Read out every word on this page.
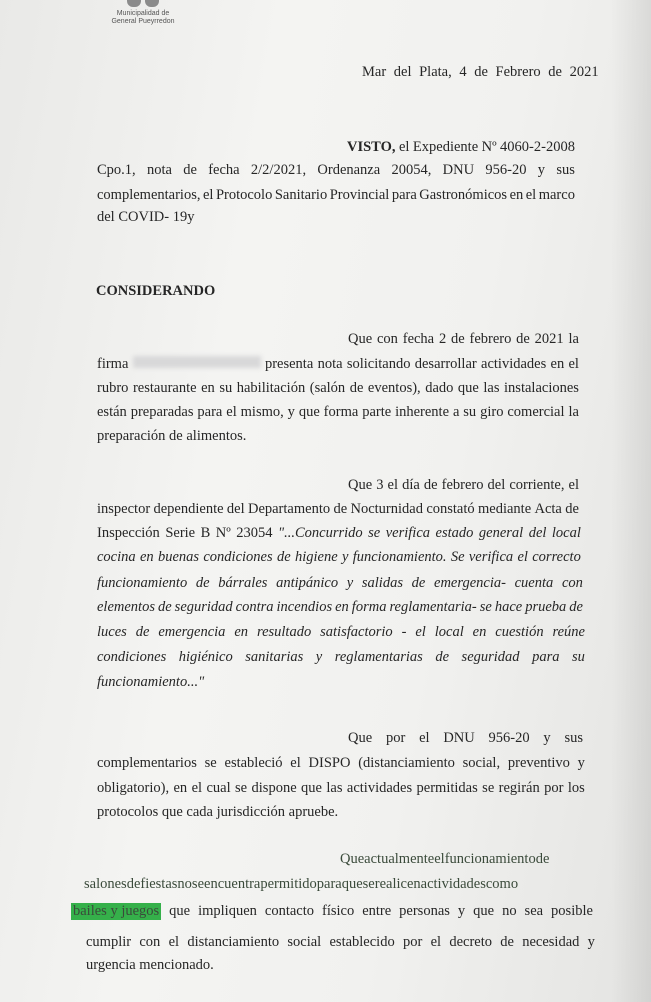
Municipalidad de
General Pueyrredon
Mar del Plata, 4 de Febrero de 2021
VISTO, el Expediente Nº 4060-2-2008
Cpo.1, nota de fecha 2/2/2021, Ordenanza 20054, DNU 956-20 y sus
complementarios, el Protocolo Sanitario Provincial para Gastronómicos en el marco
del COVID- 19y
CONSIDERANDO
Que con fecha 2 de febrero de 2021 la
firma	presenta nota solicitando desarrollar actividades en el
rubro restaurante en su habilitación (salón de eventos), dado que las instalaciones
están preparadas para el mismo, y que forma parte inherente a su giro comercial la
preparación de alimentos.
Que 3 el día de febrero del corriente, el
inspector dependiente del Departamento de Nocturnidad constató mediante Acta de
Inspección Serie B Nº 23054 "...Concurrido se verifica estado general del local
cocina en buenas condiciones de higiene y funcionamiento. Se verifica el correcto
funcionamiento de bárrales antipánico y salidas de emergencia- cuenta con
elementos de seguridad contra incendios en forma reglamentaria- se hace prueba de
luces de emergencia en resultado satisfactorio - el local en cuestión reúne
condiciones higiénico sanitarias y reglamentarias de seguridad para su
funcionamiento..."
Que por el DNU 956-20 y sus
complementarios se estableció el DISPO (distanciamiento social, preventivo y
obligatorio), en el cual se dispone que las actividades permitidas se regirán por los
protocolos que cada jurisdicción apruebe.
Queactualmenteelfuncionamientode
salonesdefiestasnoseencuentrapermitidoparaqueserealicenactividadescomo
bailes y juegos que impliquen contacto físico entre personas y que no sea posible
cumplir con el distanciamiento social establecido por el decreto de necesidad y
urgencia mencionado.
